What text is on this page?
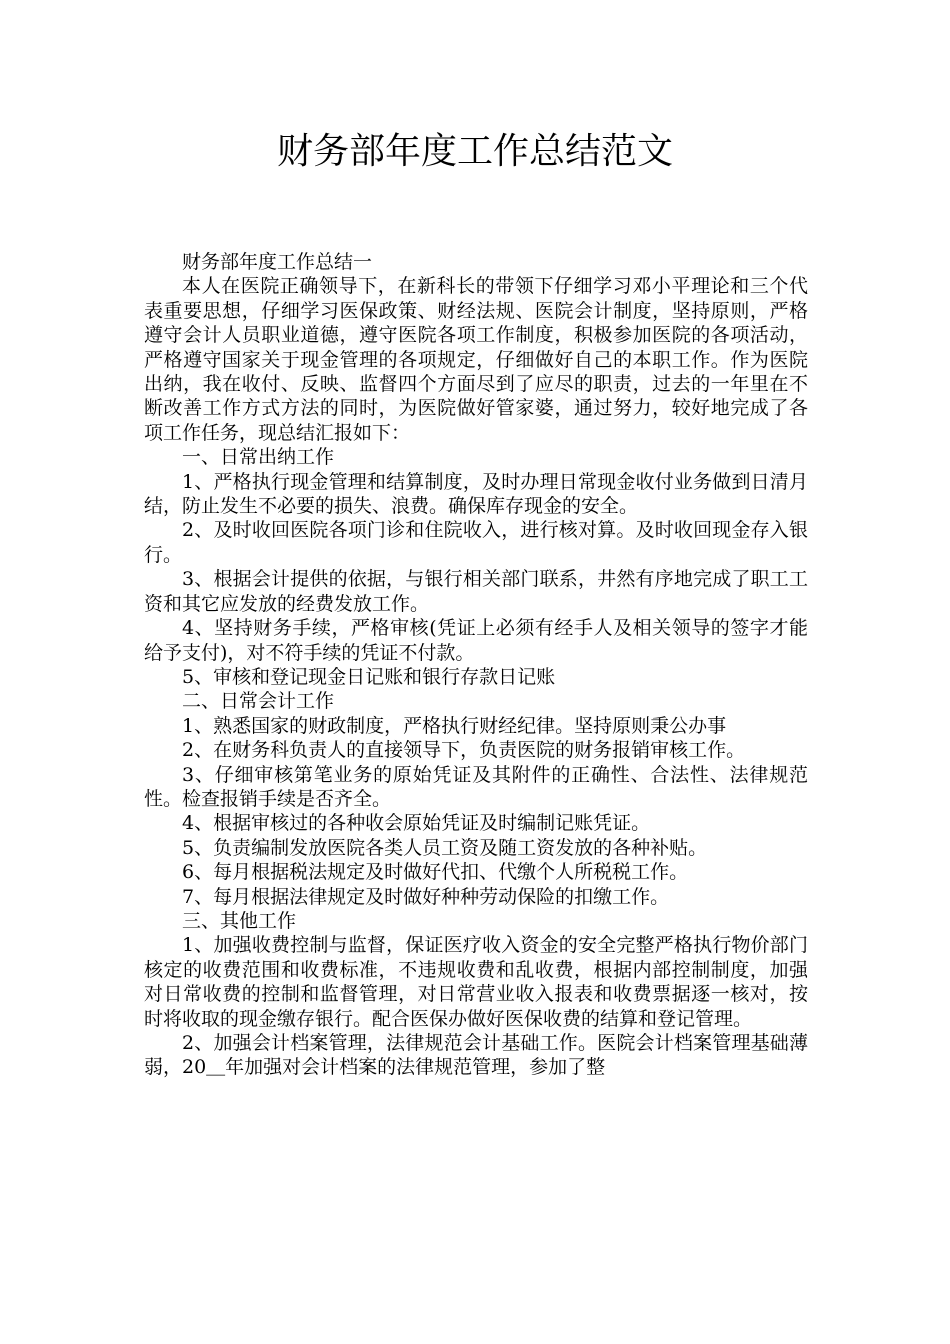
财务部年度工作总结范文

财务部年度工作总结一

本人在医院正确领导下，在新科长的带领下仔细学习邓小平理论和三个代表重要思想，仔细学习医保政策、财经法规、医院会计制度，坚持原则，严格遵守会计人员职业道德，遵守医院各项工作制度，积极参加医院的各项活动，严格遵守国家关于现金管理的各项规定，仔细做好自己的本职工作。作为医院出纳，我在收付、反映、监督四个方面尽到了应尽的职责，过去的一年里在不断改善工作方式方法的同时，为医院做好管家婆，通过努力，较好地完成了各项工作任务，现总结汇报如下：

一、日常出纳工作

1、严格执行现金管理和结算制度，及时办理日常现金收付业务做到日清月结，防止发生不必要的损失、浪费。确保库存现金的安全。

2、及时收回医院各项门诊和住院收入，进行核对算。及时收回现金存入银行。

3、根据会计提供的依据，与银行相关部门联系，井然有序地完成了职工工资和其它应发放的经费发放工作。

4、坚持财务手续，严格审核(凭证上必须有经手人及相关领导的签字才能给予支付)，对不符手续的凭证不付款。

5、审核和登记现金日记账和银行存款日记账

二、日常会计工作

1、熟悉国家的财政制度，严格执行财经纪律。坚持原则秉公办事

2、在财务科负责人的直接领导下，负责医院的财务报销审核工作。

3、仔细审核第笔业务的原始凭证及其附件的正确性、合法性、法律规范性。检查报销手续是否齐全。

4、根据审核过的各种收会原始凭证及时编制记账凭证。

5、负责编制发放医院各类人员工资及随工资发放的各种补贴。

6、每月根据税法规定及时做好代扣、代缴个人所税税工作。

7、每月根据法律规定及时做好种种劳动保险的扣缴工作。

三、其他工作

1、加强收费控制与监督，保证医疗收入资金的安全完整严格执行物价部门核定的收费范围和收费标准，不违规收费和乱收费，根据内部控制制度，加强对日常收费的控制和监督管理，对日常营业收入报表和收费票据逐一核对，按时将收取的现金缴存银行。配合医保办做好医保收费的结算和登记管理。

2、加强会计档案管理，法律规范会计基础工作。医院会计档案管理基础薄弱，20＿年加强对会计档案的法律规范管理，参加了整
